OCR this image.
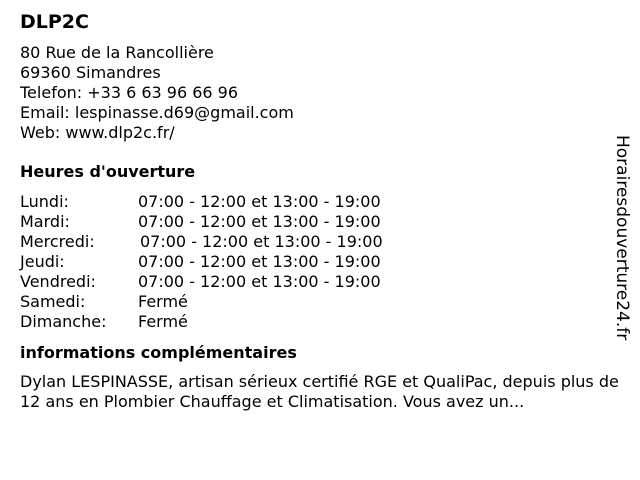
DLP2C
80 Rue de la Rancollière
69360 Simandres
Telefon: +33 6 63 96 66 96
Email: lespinasse.d69@gmail.com
Web: www.dlp2c.fr/
Heures d'ouverture
Lundi:	07:00 - 12:00 et 13:00 - 19:00
Mardi:	07:00 - 12:00 et 13:00 - 19:00
Mercredi:	07:00 - 12:00 et 13:00 - 19:00
Jeudi:	07:00 - 12:00 et 13:00 - 19:00
Vendredi:	07:00 - 12:00 et 13:00 - 19:00
Samedi:	Fermé
Dimanche:	Fermé
informations complémentaires
Dylan LESPINASSE, artisan sérieux certifié RGE et QualiPac, depuis plus de 12 ans en Plombier Chauffage et Climatisation. Vous avez un...
Horairesdouverture24.fr
